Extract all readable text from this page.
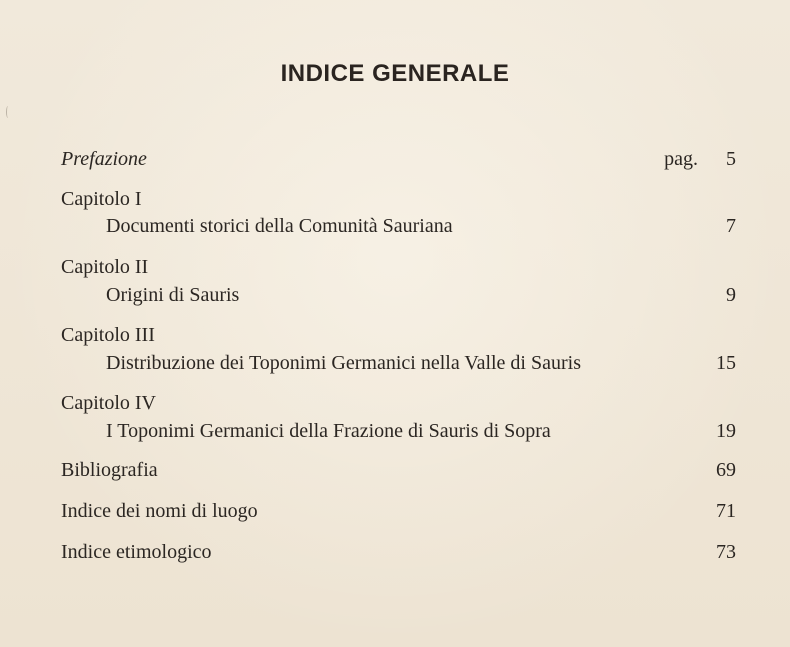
INDICE GENERALE
Prefazione	pag. 5
Capitolo I
Documenti storici della Comunità Sauriana	7
Capitolo II
Origini di Sauris	9
Capitolo III
Distribuzione dei Toponimi Germanici nella Valle di Sauris	15
Capitolo IV
I Toponimi Germanici della Frazione di Sauris di Sopra	19
Bibliografia	69
Indice dei nomi di luogo	71
Indice etimologico	73
